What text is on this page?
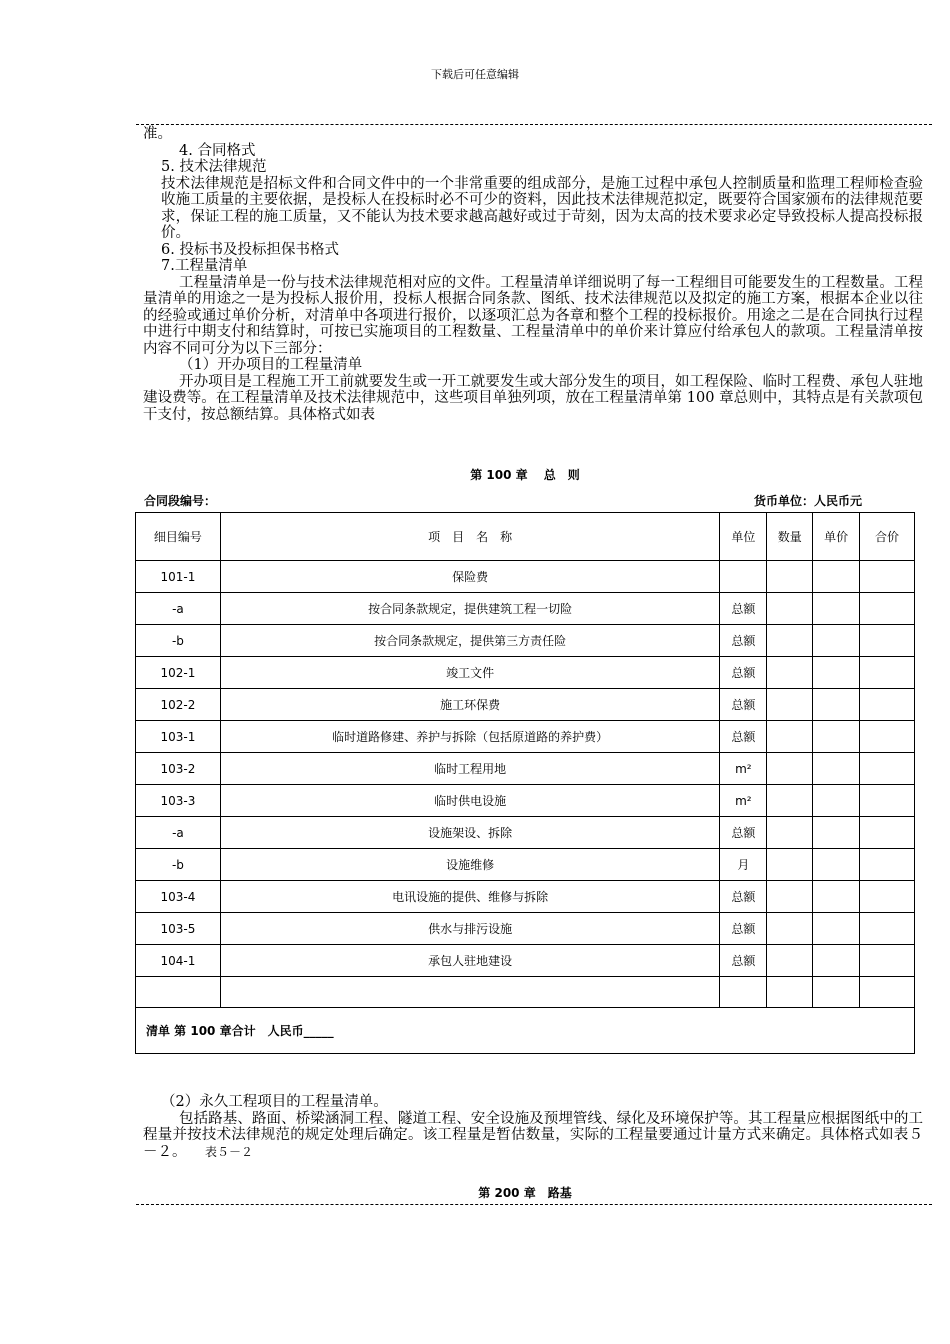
下载后可任意编辑

准。

4. 合同格式

5. 技术法律规范

技术法律规范是招标文件和合同文件中的一个非常重要的组成部分，是施工过程中承包人控制质量和监理工程师检查验收施工质量的主要依据，是投标人在投标时必不可少的资料，因此技术法律规范拟定，既要符合国家颁布的法律规范要求，保证工程的施工质量，又不能认为技术要求越高越好或过于苛刻，因为太高的技术要求必定导致投标人提高投标报价。

6. 投标书及投标担保书格式

7.工程量清单

工程量清单是一份与技术法律规范相对应的文件。工程量清单详细说明了每一工程细目可能要发生的工程数量。工程量清单的用途之一是为投标人报价用，投标人根据合同条款、图纸、技术法律规范以及拟定的施工方案，根据本企业以往的经验或通过单价分析，对清单中各项进行报价，以逐项汇总为各章和整个工程的投标报价。用途之二是在合同执行过程中进行中期支付和结算时，可按已实施项目的工程数量、工程量清单中的单价来计算应付给承包人的款项。工程量清单按内容不同可分为以下三部分：

（1）开办项目的工程量清单

开办项目是工程施工开工前就要发生或一开工就要发生或大部分发生的项目，如工程保险、临时工程费、承包人驻地建设费等。在工程量清单及技术法律规范中，这些项目单独列项，放在工程量清单第 100 章总则中，其特点是有关款项包干支付，按总额结算。具体格式如表

第 100 章　 总　则
合同段编号：	货币单位：人民币元
细目编号	项　目　名　称	单位	数量	单价	合价
101-1	保险费				
-a	按合同条款规定，提供建筑工程一切险	总额			
-b	按合同条款规定，提供第三方责任险	总额			
102-1	竣工文件	总额			
102-2	施工环保费	总额			
103-1	临时道路修建、养护与拆除（包括原道路的养护费）	总额			
103-2	临时工程用地	m²			
103-3	临时供电设施	m²			
-a	设施架设、拆除	总额			
-b	设施维修	月			
103-4	电讯设施的提供、维修与拆除	总额			
103-5	供水与排污设施	总额			
104-1	承包人驻地建设	总额			

清单 第 100 章合计　人民币_____					

（2）永久工程项目的工程量清单。

包括路基、路面、桥梁涵洞工程、隧道工程、安全设施及预埋管线、绿化及环境保护等。其工程量应根据图纸中的工程量并按技术法律规范的规定处理后确定。该工程量是暂估数量，实际的工程量要通过计量方式来确定。具体格式如表５－２。 表５－２

第 200 章　路基
